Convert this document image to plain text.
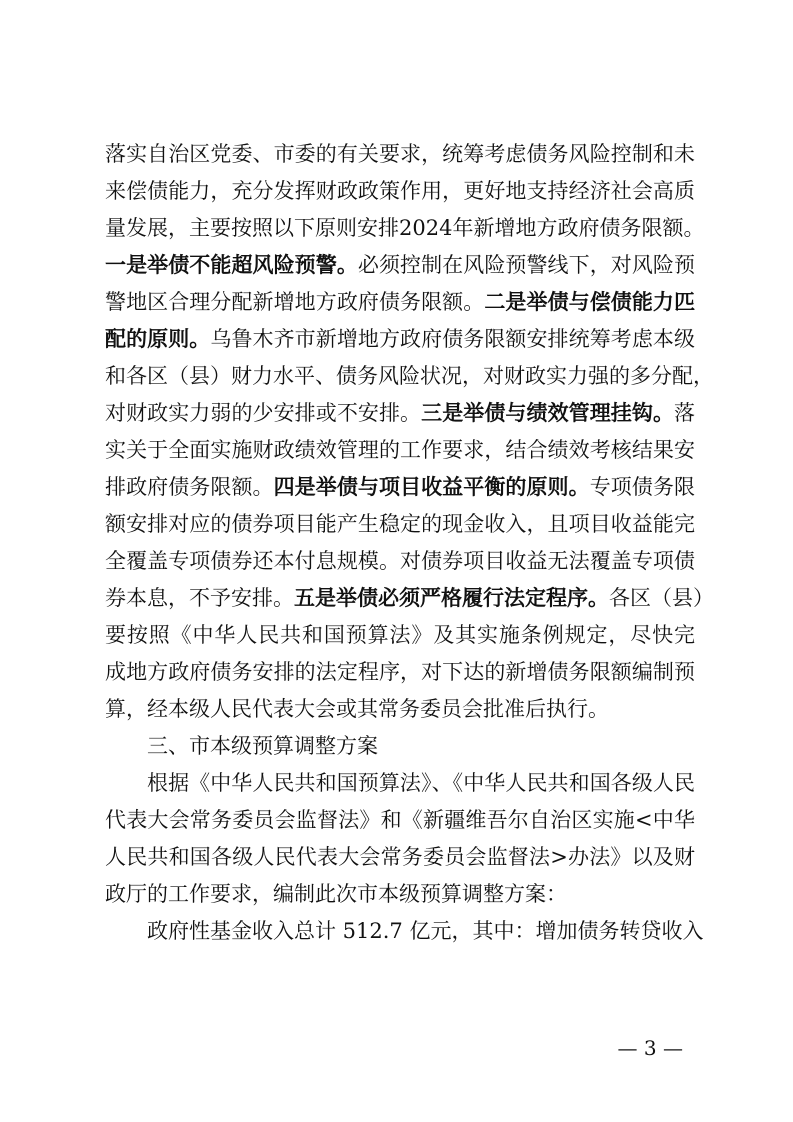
落实自治区党委、市委的有关要求，统筹考虑债务风险控制和未
来偿债能力，充分发挥财政政策作用，更好地支持经济社会高质
量发展，主要按照以下原则安排2024年新增地方政府债务限额。
一是举债不能超风险预警。必须控制在风险预警线下，对风险预
警地区合理分配新增地方政府债务限额。二是举债与偿债能力匹
配的原则。乌鲁木齐市新增地方政府债务限额安排统筹考虑本级
和各区（县）财力水平、债务风险状况，对财政实力强的多分配，
对财政实力弱的少安排或不安排。三是举债与绩效管理挂钩。落
实关于全面实施财政绩效管理的工作要求，结合绩效考核结果安
排政府债务限额。四是举债与项目收益平衡的原则。专项债务限
额安排对应的债券项目能产生稳定的现金收入，且项目收益能完
全覆盖专项债券还本付息规模。对债券项目收益无法覆盖专项债
券本息，不予安排。五是举债必须严格履行法定程序。各区（县）
要按照《中华人民共和国预算法》及其实施条例规定，尽快完
成地方政府债务安排的法定程序，对下达的新增债务限额编制预
算，经本级人民代表大会或其常务委员会批准后执行。
三、市本级预算调整方案
根据《中华人民共和国预算法》、《中华人民共和国各级人民
代表大会常务委员会监督法》和《新疆维吾尔自治区实施<中华
人民共和国各级人民代表大会常务委员会监督法>办法》以及财
政厅的工作要求，编制此次市本级预算调整方案：
政府性基金收入总计 512.7 亿元，其中：增加债务转贷收入
— 3 —
